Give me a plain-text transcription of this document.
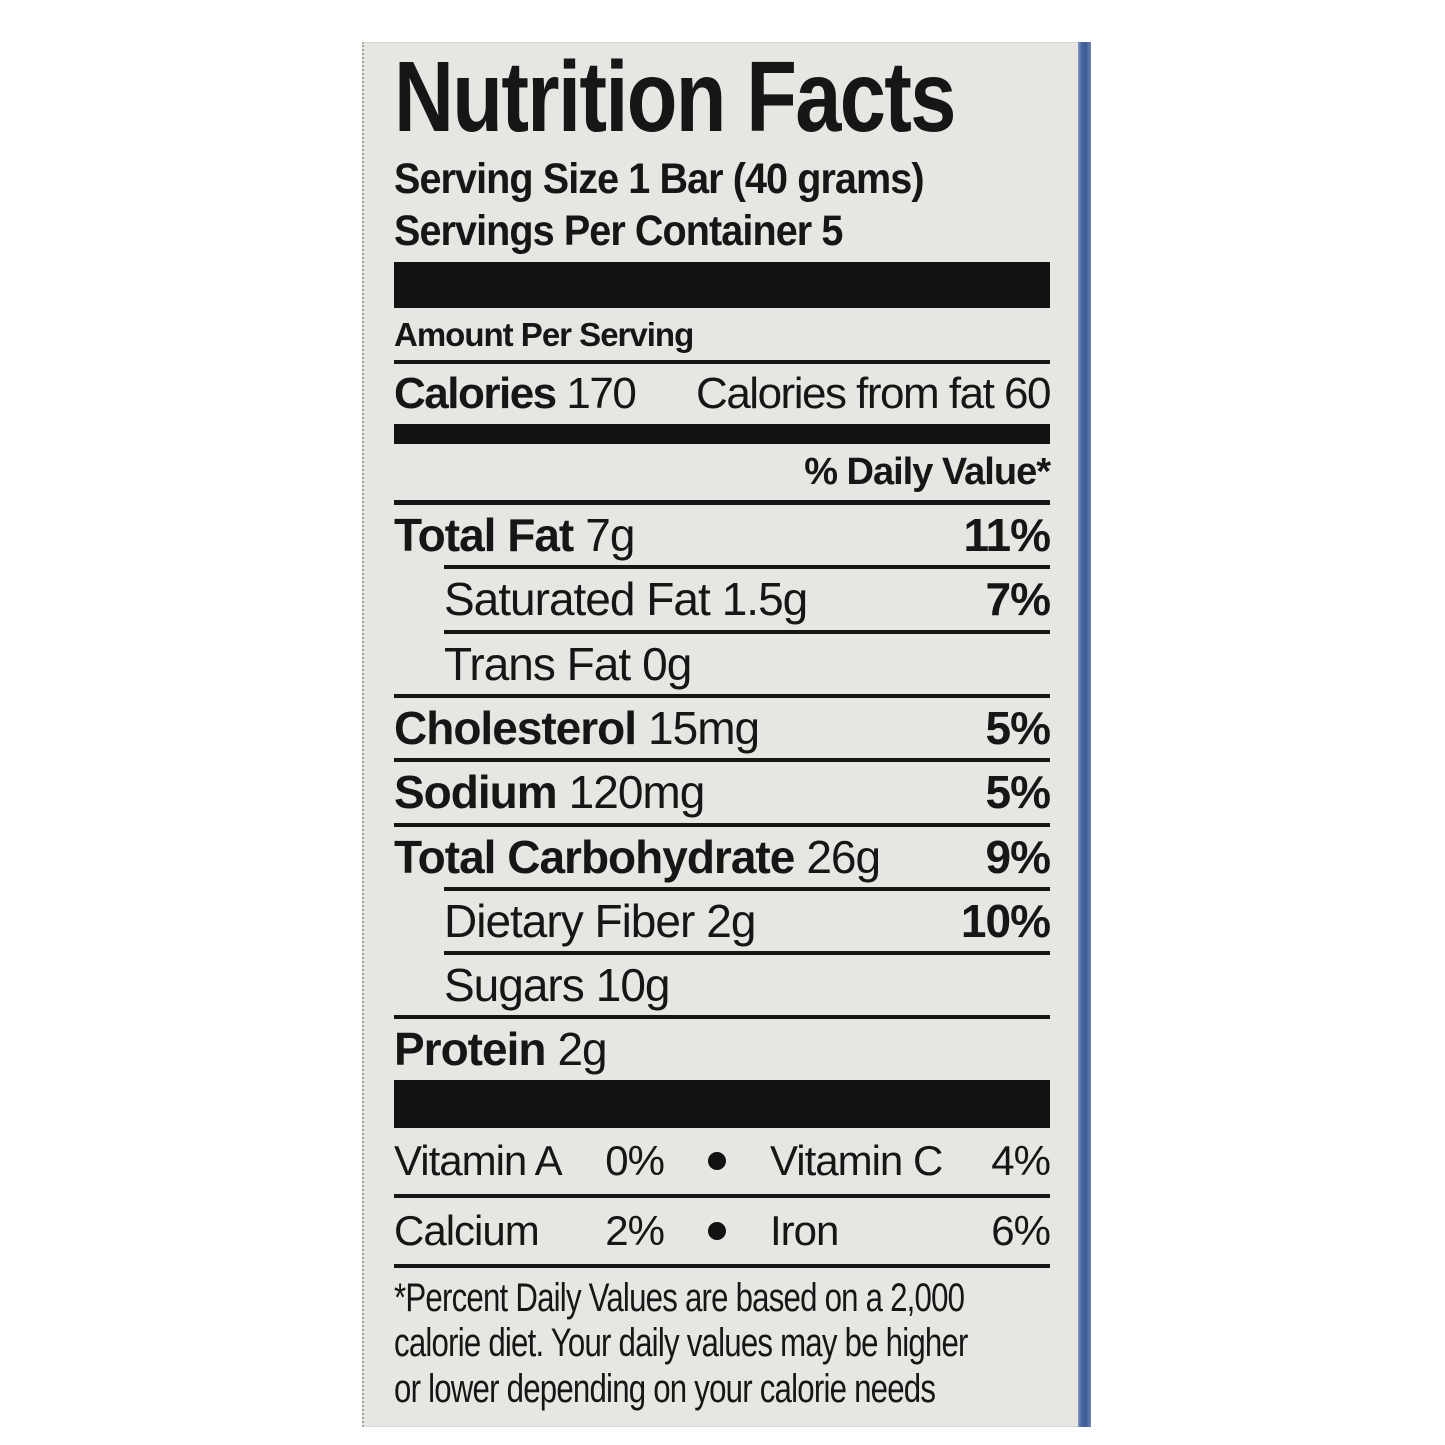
Nutrition Facts
Serving Size 1 Bar (40 grams)
Servings Per Container 5
Amount Per Serving
Calories 170 Calories from fat 60
% Daily Value*
Total Fat 7g	11%
Saturated Fat 1.5g	7%
Trans Fat 0g
Cholesterol 15mg	5%
Sodium 120mg	5%
Total Carbohydrate 26g 9%
Dietary Fiber 2g	10%
Sugars 10g
Protein 2g
Vitamin A 0%	Vitamin C 4%
Calcium 2%	Iron	6%
*Percent Daily Values are based on a 2,000
calorie diet. Your daily values may be higher
or lower depending on your calorie needs
